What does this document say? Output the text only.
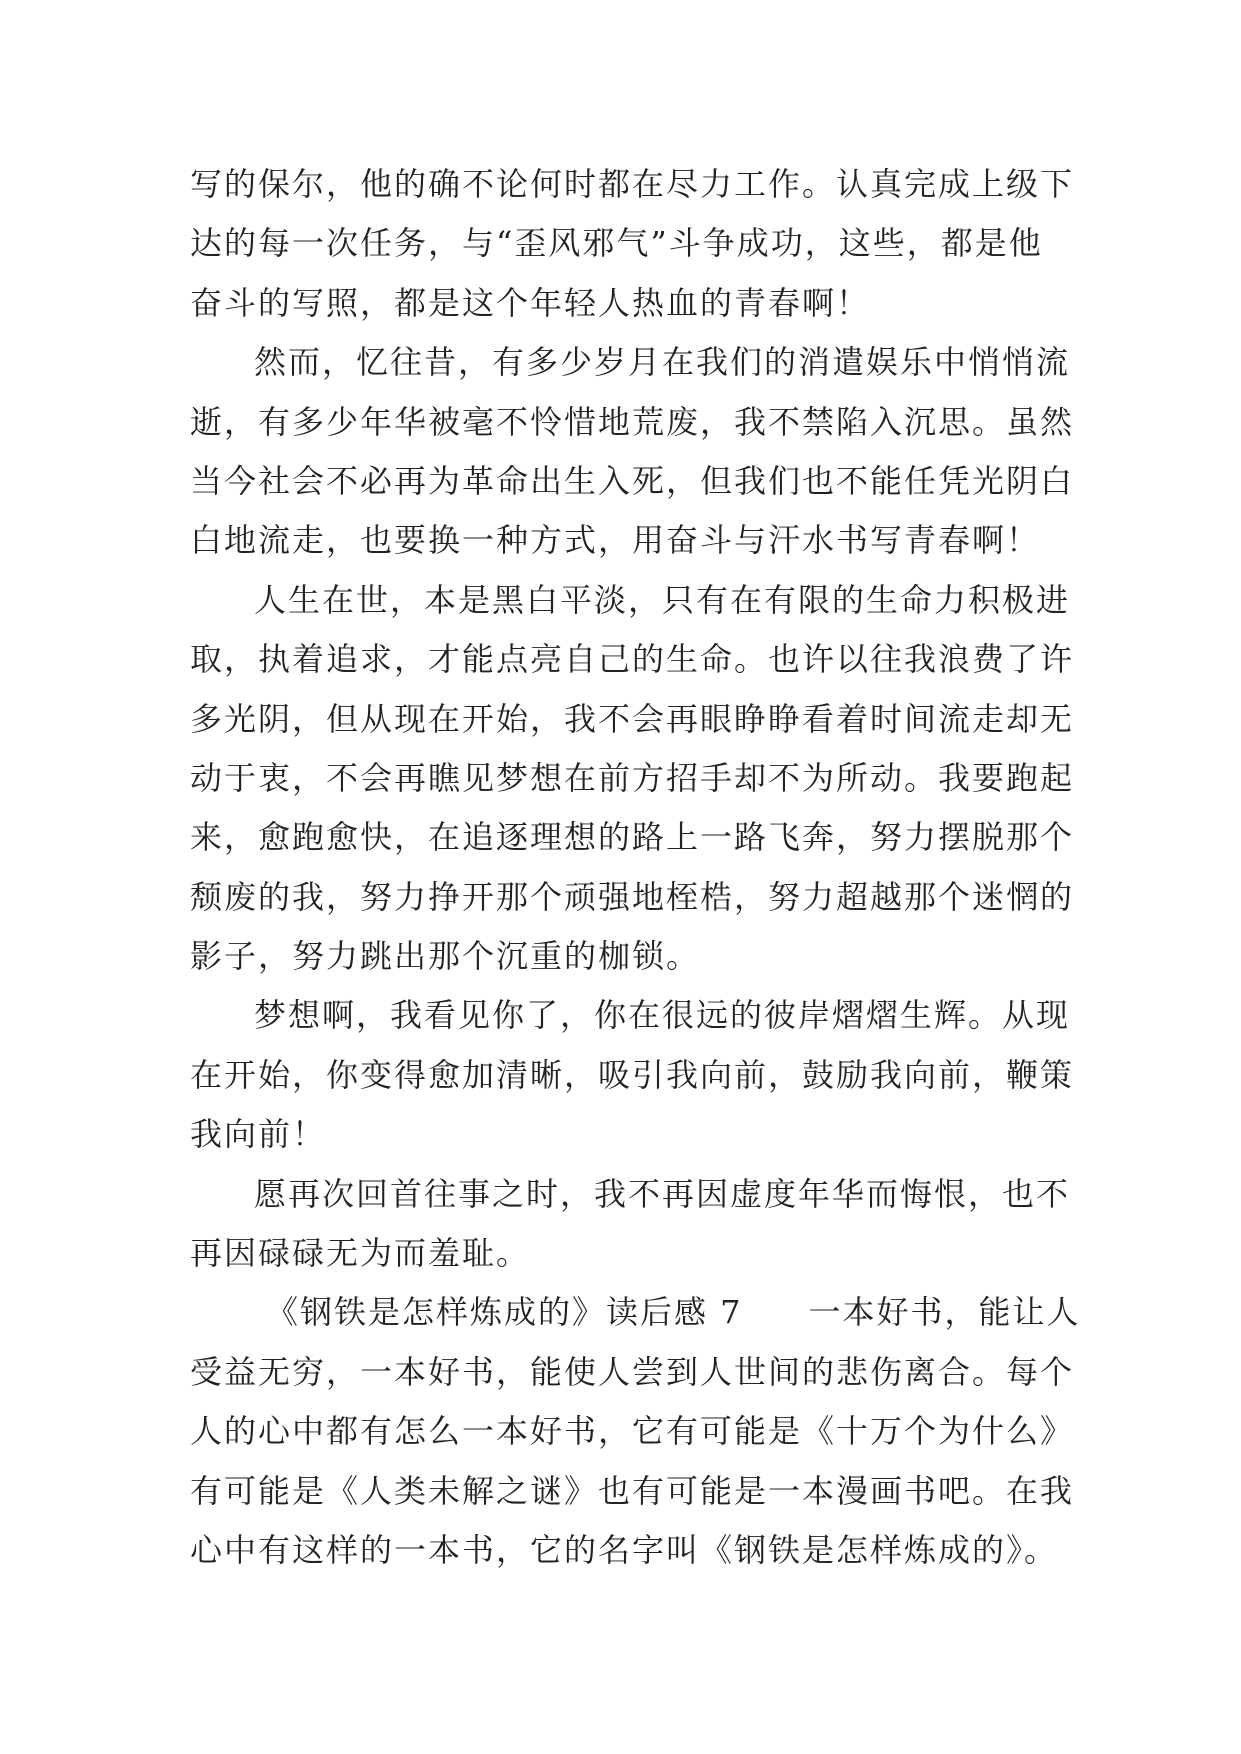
写的保尔，他的确不论何时都在尽力工作。认真完成上级下
达的每一次任务，与“歪风邪气”斗争成功，这些，都是他
奋斗的写照，都是这个年轻人热血的青春啊！
然而，忆往昔，有多少岁月在我们的消遣娱乐中悄悄流
逝，有多少年华被毫不怜惜地荒废，我不禁陷入沉思。虽然
当今社会不必再为革命出生入死，但我们也不能任凭光阴白
白地流走，也要换一种方式，用奋斗与汗水书写青春啊！
人生在世，本是黑白平淡，只有在有限的生命力积极进
取，执着追求，才能点亮自己的生命。也许以往我浪费了许
多光阴，但从现在开始，我不会再眼睁睁看着时间流走却无
动于衷，不会再瞧见梦想在前方招手却不为所动。我要跑起
来，愈跑愈快，在追逐理想的路上一路飞奔，努力摆脱那个
颓废的我，努力挣开那个顽强地桎梏，努力超越那个迷惘的
影子，努力跳出那个沉重的枷锁。
梦想啊，我看见你了，你在很远的彼岸熠熠生辉。从现
在开始，你变得愈加清晰，吸引我向前，鼓励我向前，鞭策
我向前！
愿再次回首往事之时，我不再因虚度年华而悔恨，也不
再因碌碌无为而羞耻。
《钢铁是怎样炼成的》读后感 7 一本好书，能让人
受益无穷，一本好书，能使人尝到人世间的悲伤离合。每个
人的心中都有怎么一本好书，它有可能是《十万个为什么》
有可能是《人类未解之谜》也有可能是一本漫画书吧。在我
心中有这样的一本书，它的名字叫《钢铁是怎样炼成的》。
